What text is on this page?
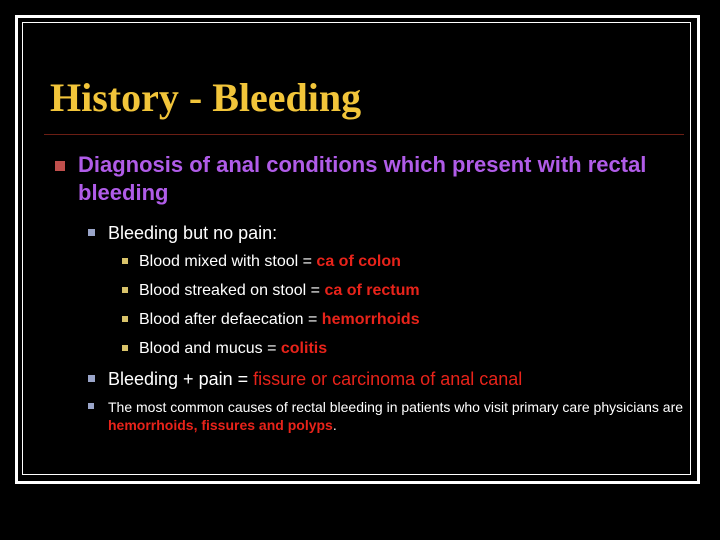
History - Bleeding
Diagnosis of anal conditions which present with rectal bleeding
Bleeding but no pain:
Blood mixed with stool = ca of colon
Blood streaked on stool = ca of rectum
Blood after defaecation = hemorrhoids
Blood and mucus = colitis
Bleeding + pain = fissure or carcinoma of anal canal
The most common causes of rectal bleeding in patients who visit primary care physicians are hemorrhoids, fissures and polyps.
